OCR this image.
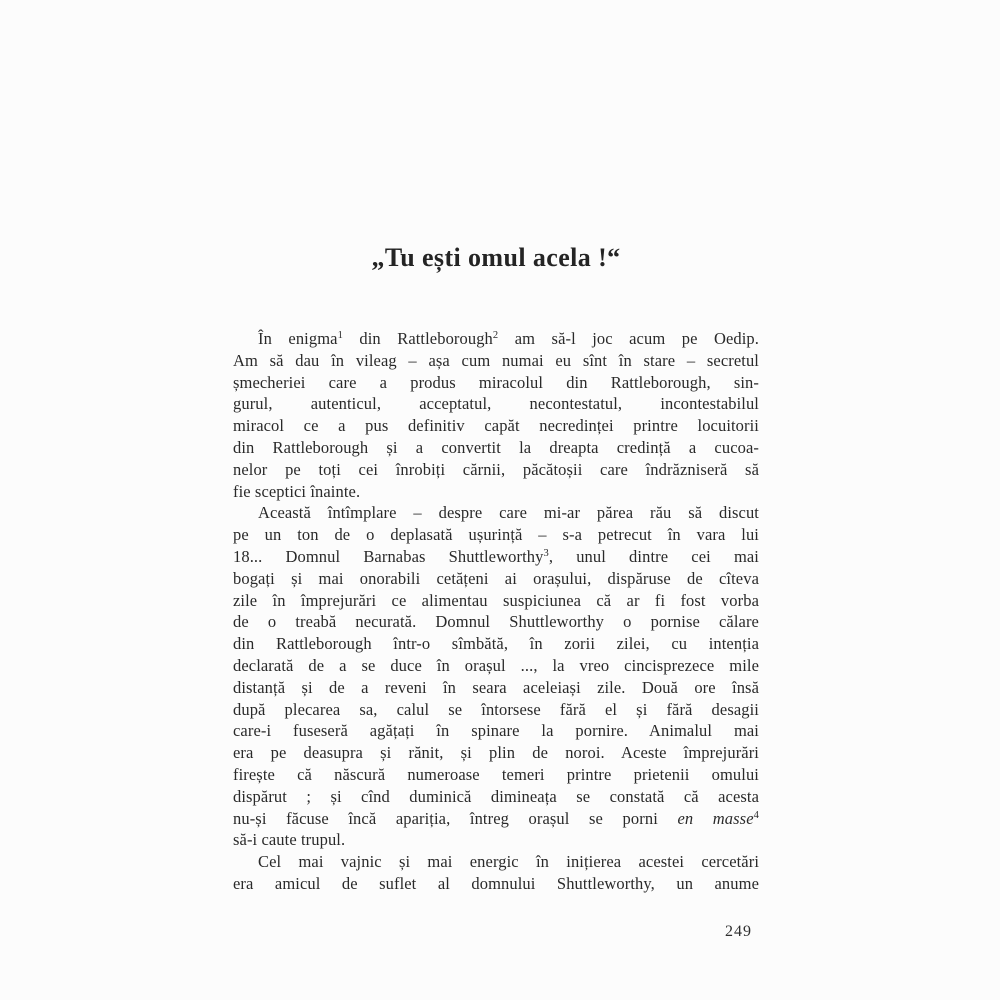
„Tu ești omul acela !“
În enigma$^1$ din Rattleborough$^2$ am să-l joc acum pe Oedip.
Am să dau în vileag – așa cum numai eu sînt în stare – secretul
șmecheriei care a produs miracolul din Rattleborough, sin-
gurul, autenticul, acceptatul, necontestatul, incontestabilul
miracol ce a pus definitiv capăt necredinței printre locuitorii
din Rattleborough și a convertit la dreapta credință a cucoa-
nelor pe toți cei înrobiți cărnii, păcătoșii care îndrăzniseră să
fie sceptici înainte.
Această întîmplare – despre care mi-ar părea rău să discut
pe un ton de o deplasată ușurință – s-a petrecut în vara lui
18... Domnul Barnabas Shuttleworthy$^3$, unul dintre cei mai
bogați și mai onorabili cetățeni ai orașului, dispăruse de cîteva
zile în împrejurări ce alimentau suspiciunea că ar fi fost vorba
de o treabă necurată. Domnul Shuttleworthy o pornise călare
din Rattleborough într-o sîmbătă, în zorii zilei, cu intenția
declarată de a se duce în orașul ..., la vreo cincisprezece mile
distanță și de a reveni în seara aceleiași zile. Două ore însă
după plecarea sa, calul se întorsese fără el și fără desagii
care-i fuseseră agățați în spinare la pornire. Animalul mai
era pe deasupra și rănit, și plin de noroi. Aceste împrejurări
firește că născură numeroase temeri printre prietenii omului
dispărut ; și cînd duminică dimineața se constată că acesta
nu-și făcuse încă apariția, întreg orașul se porni en masse$^4$
să-i caute trupul.
Cel mai vajnic și mai energic în inițierea acestei cercetări
era amicul de suflet al domnului Shuttleworthy, un anume
249
